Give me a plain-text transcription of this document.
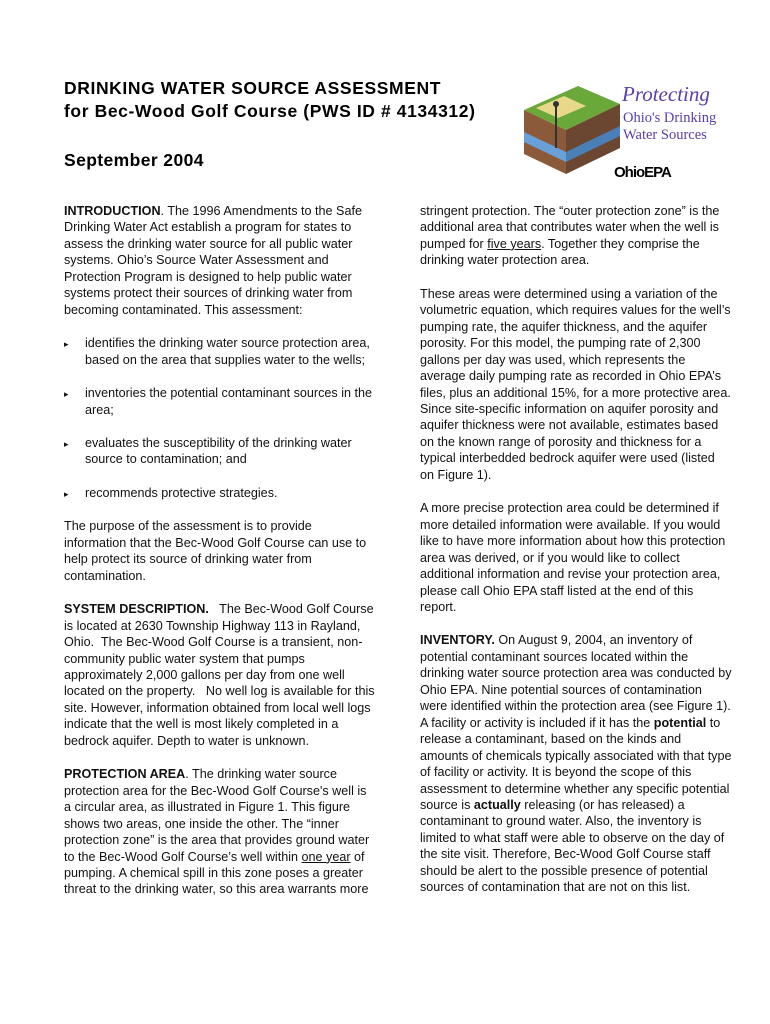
DRINKING WATER SOURCE ASSESSMENT
for Bec-Wood Golf Course (PWS ID # 4134312)
September 2004
Protecting
Ohio's Drinking
Water Sources
OhioEPA

INTRODUCTION. The 1996 Amendments to the Safe Drinking Water Act establish a program for states to assess the drinking water source for all public water systems. Ohio’s Source Water Assessment and Protection Program is designed to help public water systems protect their sources of drinking water from becoming contaminated. This assessment:

▸ identifies the drinking water source protection area, based on the area that supplies water to the wells;
▸ inventories the potential contaminant sources in the area;
▸ evaluates the susceptibility of the drinking water source to contamination; and
▸ recommends protective strategies.

The purpose of the assessment is to provide information that the Bec-Wood Golf Course can use to help protect its source of drinking water from contamination.

SYSTEM DESCRIPTION.   The Bec-Wood Golf Course is located at 2630 Township Highway 113 in Rayland, Ohio.  The Bec-Wood Golf Course is a transient, non-community public water system that pumps approximately 2,000 gallons per day from one well located on the property.   No well log is available for this site. However, information obtained from local well logs indicate that the well is most likely completed in a bedrock aquifer. Depth to water is unknown.

PROTECTION AREA. The drinking water source protection area for the Bec-Wood Golf Course's well is a circular area, as illustrated in Figure 1. This figure shows two areas, one inside the other. The “inner protection zone” is the area that provides ground water to the Bec-Wood Golf Course’s well within one year of pumping. A chemical spill in this zone poses a greater threat to the drinking water, so this area warrants more

stringent protection. The “outer protection zone” is the additional area that contributes water when the well is pumped for five years. Together they comprise the drinking water protection area.

These areas were determined using a variation of the volumetric equation, which requires values for the well’s pumping rate, the aquifer thickness, and the aquifer porosity. For this model, the pumping rate of 2,300 gallons per day was used, which represents the average daily pumping rate as recorded in Ohio EPA’s files, plus an additional 15%, for a more protective area. Since site-specific information on aquifer porosity and aquifer thickness were not available, estimates based on the known range of porosity and thickness for a typical interbedded bedrock aquifer were used (listed on Figure 1).

A more precise protection area could be determined if more detailed information were available. If you would like to have more information about how this protection area was derived, or if you would like to collect additional information and revise your protection area, please call Ohio EPA staff listed at the end of this report.

INVENTORY. On August 9, 2004, an inventory of potential contaminant sources located within the drinking water source protection area was conducted by Ohio EPA. Nine potential sources of contamination were identified within the protection area (see Figure 1). A facility or activity is included if it has the potential to release a contaminant, based on the kinds and amounts of chemicals typically associated with that type of facility or activity. It is beyond the scope of this assessment to determine whether any specific potential source is actually releasing (or has released) a contaminant to ground water. Also, the inventory is limited to what staff were able to observe on the day of the site visit. Therefore, Bec-Wood Golf Course staff should be alert to the possible presence of potential sources of contamination that are not on this list.
